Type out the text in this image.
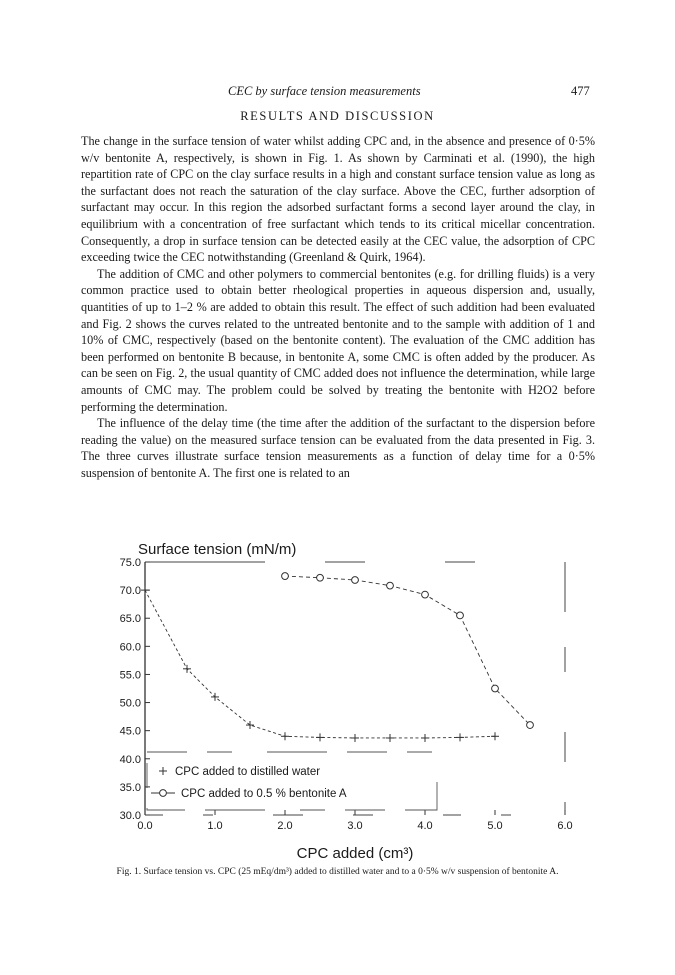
CEC by surface tension measurements	477
RESULTS AND DISCUSSION

The change in the surface tension of water whilst adding CPC and, in the absence and presence of 0·5% w/v bentonite A, respectively, is shown in Fig. 1. As shown by Carminati et al. (1990), the high repartition rate of CPC on the clay surface results in a high and constant surface tension value as long as the surfactant does not reach the saturation of the clay surface. Above the CEC, further adsorption of surfactant may occur. In this region the adsorbed surfactant forms a second layer around the clay, in equilibrium with a concentration of free surfactant which tends to its critical micellar concentration. Consequently, a drop in surface tension can be detected easily at the CEC value, the adsorption of CPC exceeding twice the CEC notwithstanding (Greenland & Quirk, 1964).

The addition of CMC and other polymers to commercial bentonites (e.g. for drilling fluids) is a very common practice used to obtain better rheological properties in aqueous dispersion and, usually, quantities of up to 1–2 % are added to obtain this result. The effect of such addition had been evaluated and Fig. 2 shows the curves related to the untreated bentonite and to the sample with addition of 1 and 10% of CMC, respectively (based on the bentonite content). The evaluation of the CMC addition has been performed on bentonite B because, in bentonite A, some CMC is often added by the producer. As can be seen on Fig. 2, the usual quantity of CMC added does not influence the determination, while large amounts of CMC may. The problem could be solved by treating the bentonite with H2O2 before performing the determination.

The influence of the delay time (the time after the addition of the surfactant to the dispersion before reading the value) on the measured surface tension can be evaluated from the data presented in Fig. 3. The three curves illustrate surface tension measurements as a function of delay time for a 0·5% suspension of bentonite A. The first one is related to an

Surface tension (mN/m)
30.0
35.0
40.0
45.0
50.0
55.0
60.0
65.0
70.0
75.0
0.0	1.0	2.0	3.0	4.0	5.0	6.0
CPC added (cm³)
CPC added to distilled water
CPC added to 0.5 % bentonite A
Fig. 1. Surface tension vs. CPC (25 mEq/dm³) added to distilled water and to a 0·5% w/v suspension of bentonite A.
